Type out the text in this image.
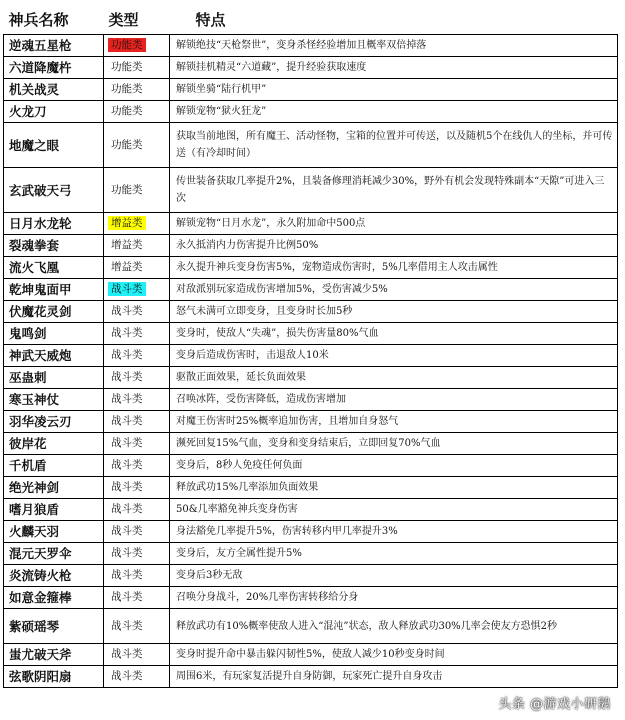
神兵名称	类型	特点
逆魂五星枪	功能类	解锁绝技“天枪祭世”，变身杀怪经验增加且概率双倍掉落
六道降魔杵	功能类	解锁挂机精灵“六道藏”，提升经验获取速度
机关战灵	功能类	解锁坐骑“陆行机甲”
火龙刀	功能类	解锁宠物“狱火狂龙”
地魔之眼	功能类	获取当前地图，所有魔王、活动怪物，宝箱的位置并可传送，以及随机5个在线仇人的坐标，并可传送（有冷却时间）
玄武破天弓	功能类	传世装备获取几率提升2%，且装备修理消耗减少30%，野外有机会发现特殊副本“天隙”可进入三次
日月水龙轮	增益类	解锁宠物“日月水龙”，永久附加命中500点
裂魂拳套	增益类	永久抵消内力伤害提升比例50%
流火飞凰	增益类	永久提升神兵变身伤害5%，宠物造成伤害时，5%几率借用主人攻击属性
乾坤鬼面甲	战斗类	对敌派别玩家造成伤害增加5%，受伤害减少5%
伏魔花灵剑	战斗类	怒气未满可立即变身，且变身时长加5秒
鬼鸣剑	战斗类	变身时，使敌人“失魂”，损失伤害量80%气血
神武天威炮	战斗类	变身后造成伤害时，击退敌人10米
巫蛊刺	战斗类	驱散正面效果，延长负面效果
寒玉神仗	战斗类	召唤冰阵，受伤害降低，造成伤害增加
羽华凌云刃	战斗类	对魔王伤害时25%概率追加伤害，且增加自身怒气
彼岸花	战斗类	濒死回复15%气血，变身和变身结束后，立即回复70%气血
千机盾	战斗类	变身后，8秒人免疫任何负面
绝光神剑	战斗类	释放武功15%几率添加负面效果
嗜月狼盾	战斗类	50&几率豁免神兵变身伤害
火麟天羽	战斗类	身法豁免几率提升5%，伤害转移内甲几率提升3%
混元天罗伞	战斗类	变身后，友方全属性提升5%
炎流铸火枪	战斗类	变身后3秒无敌
如意金箍棒	战斗类	召唤分身战斗，20%几率伤害转移给分身
紫硕瑶琴	战斗类	释放武功有10%概率使敌人进入“混沌”状态，敌人释放武功30%几率会使友方恐惧2秒
蚩尤破天斧	战斗类	变身时提升命中暴击躲闪韧性5%，使敌人减少10秒变身时间
弦歌阴阳扇	战斗类	周围6米，有玩家复活提升自身防御，玩家死亡提升自身攻击
头条 @游戏小研鹅
